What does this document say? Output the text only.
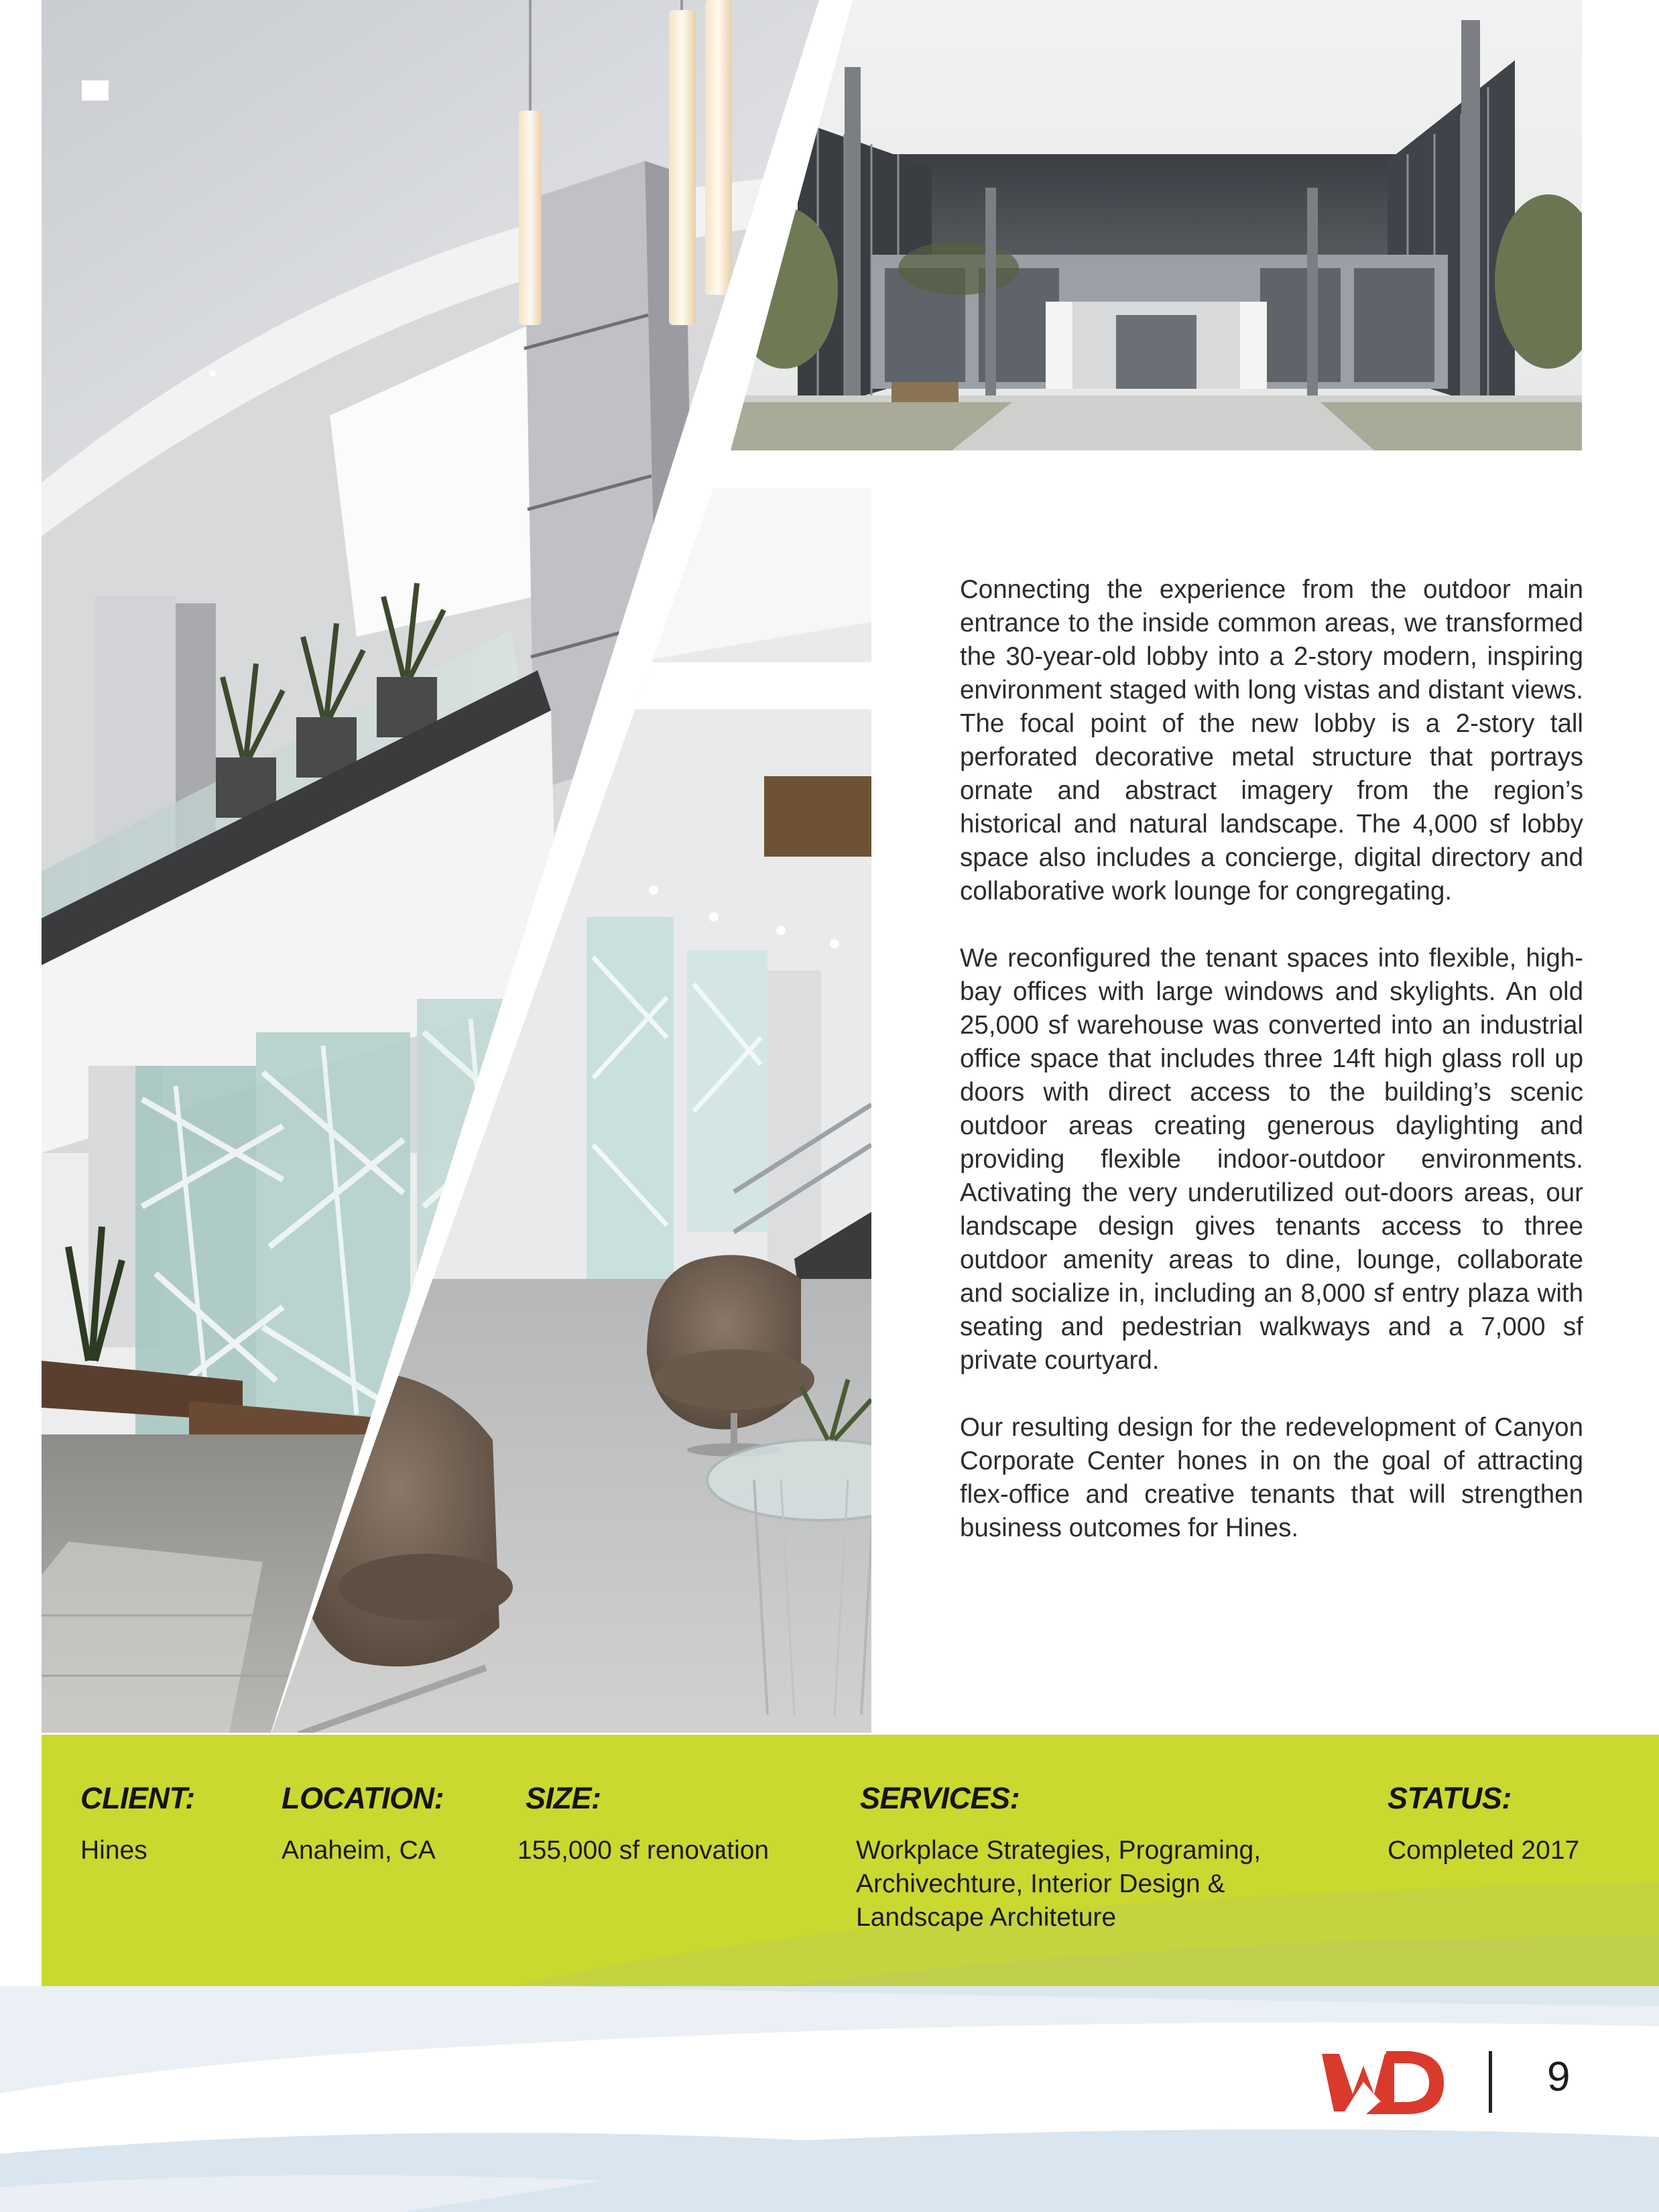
Connecting the experience from the outdoor main entrance to the inside common areas, we transformed the 30-year-old lobby into a 2-story modern, inspiring environment staged with long vistas and distant views. The focal point of the new lobby is a 2-story tall perforated decorative metal structure that portrays ornate and abstract imagery from the region’s historical and natural landscape. The 4,000 sf lobby space also includes a concierge, digital directory and collaborative work lounge for congregating.

We reconfigured the tenant spaces into flexible, high-bay offices with large windows and skylights. An old 25,000 sf warehouse was converted into an industrial office space that includes three 14ft high glass roll up doors with direct access to the building’s scenic outdoor areas creating generous daylighting and providing flexible indoor-outdoor environments. Activating the very underutilized out-doors areas, our landscape design gives tenants access to three outdoor amenity areas to dine, lounge, collaborate and socialize in, including an 8,000 sf entry plaza with seating and pedestrian walkways and a 7,000 sf private courtyard.

Our resulting design for the redevelopment of Canyon Corporate Center hones in on the goal of attracting flex-office and creative tenants that will strengthen business outcomes for Hines.

CLIENT:
Hines
LOCATION:
Anaheim, CA
SIZE:
155,000 sf renovation
SERVICES:
Workplace Strategies, Programing,
Archivechture, Interior Design &
Landscape Architeture
STATUS:
Completed 2017
9
